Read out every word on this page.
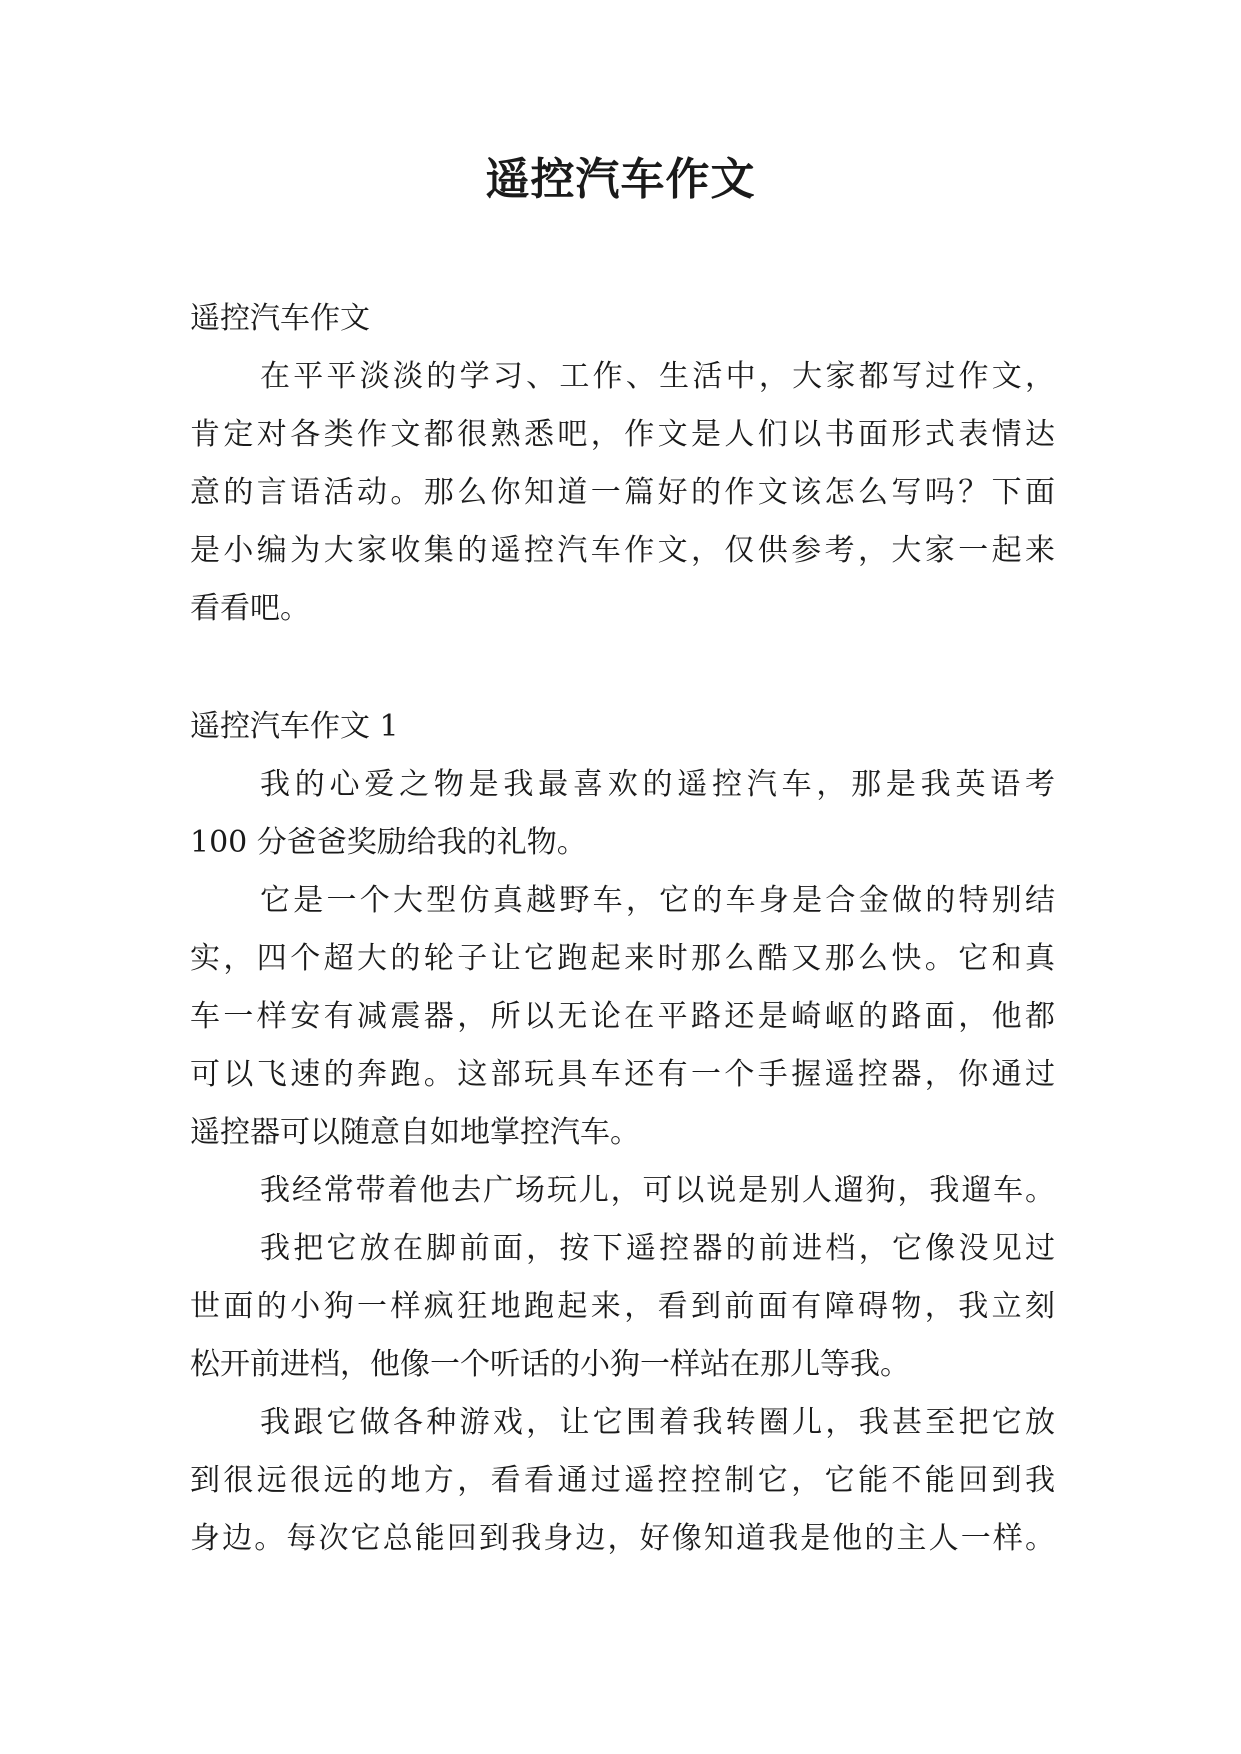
遥控汽车作文
遥控汽车作文
在平平淡淡的学习、工作、生活中，大家都写过作文，
肯定对各类作文都很熟悉吧，作文是人们以书面形式表情达
意的言语活动。那么你知道一篇好的作文该怎么写吗？下面
是小编为大家收集的遥控汽车作文，仅供参考，大家一起来
看看吧。
遥控汽车作文 1
我的心爱之物是我最喜欢的遥控汽车，那是我英语考
100 分爸爸奖励给我的礼物。
它是一个大型仿真越野车，它的车身是合金做的特别结
实，四个超大的轮子让它跑起来时那么酷又那么快。它和真
车一样安有减震器，所以无论在平路还是崎岖的路面，他都
可以飞速的奔跑。这部玩具车还有一个手握遥控器，你通过
遥控器可以随意自如地掌控汽车。
我经常带着他去广场玩儿，可以说是别人遛狗，我遛车。
我把它放在脚前面，按下遥控器的前进档，它像没见过
世面的小狗一样疯狂地跑起来，看到前面有障碍物，我立刻
松开前进档，他像一个听话的小狗一样站在那儿等我。
我跟它做各种游戏，让它围着我转圈儿，我甚至把它放
到很远很远的地方，看看通过遥控控制它，它能不能回到我
身边。每次它总能回到我身边，好像知道我是他的主人一样。
